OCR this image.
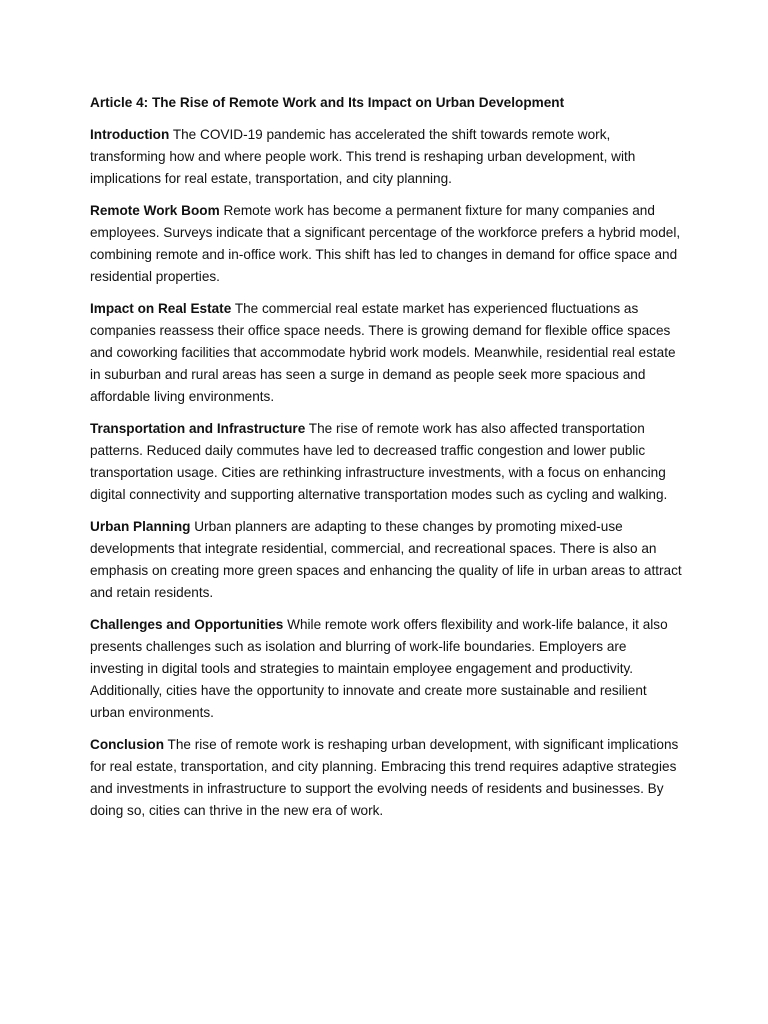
Article 4: The Rise of Remote Work and Its Impact on Urban Development

Introduction The COVID-19 pandemic has accelerated the shift towards remote work, transforming how and where people work. This trend is reshaping urban development, with implications for real estate, transportation, and city planning.

Remote Work Boom Remote work has become a permanent fixture for many companies and employees. Surveys indicate that a significant percentage of the workforce prefers a hybrid model, combining remote and in-office work. This shift has led to changes in demand for office space and residential properties.

Impact on Real Estate The commercial real estate market has experienced fluctuations as companies reassess their office space needs. There is growing demand for flexible office spaces and coworking facilities that accommodate hybrid work models. Meanwhile, residential real estate in suburban and rural areas has seen a surge in demand as people seek more spacious and affordable living environments.

Transportation and Infrastructure The rise of remote work has also affected transportation patterns. Reduced daily commutes have led to decreased traffic congestion and lower public transportation usage. Cities are rethinking infrastructure investments, with a focus on enhancing digital connectivity and supporting alternative transportation modes such as cycling and walking.

Urban Planning Urban planners are adapting to these changes by promoting mixed-use developments that integrate residential, commercial, and recreational spaces. There is also an emphasis on creating more green spaces and enhancing the quality of life in urban areas to attract and retain residents.

Challenges and Opportunities While remote work offers flexibility and work-life balance, it also presents challenges such as isolation and blurring of work-life boundaries. Employers are investing in digital tools and strategies to maintain employee engagement and productivity. Additionally, cities have the opportunity to innovate and create more sustainable and resilient urban environments.

Conclusion The rise of remote work is reshaping urban development, with significant implications for real estate, transportation, and city planning. Embracing this trend requires adaptive strategies and investments in infrastructure to support the evolving needs of residents and businesses. By doing so, cities can thrive in the new era of work.
